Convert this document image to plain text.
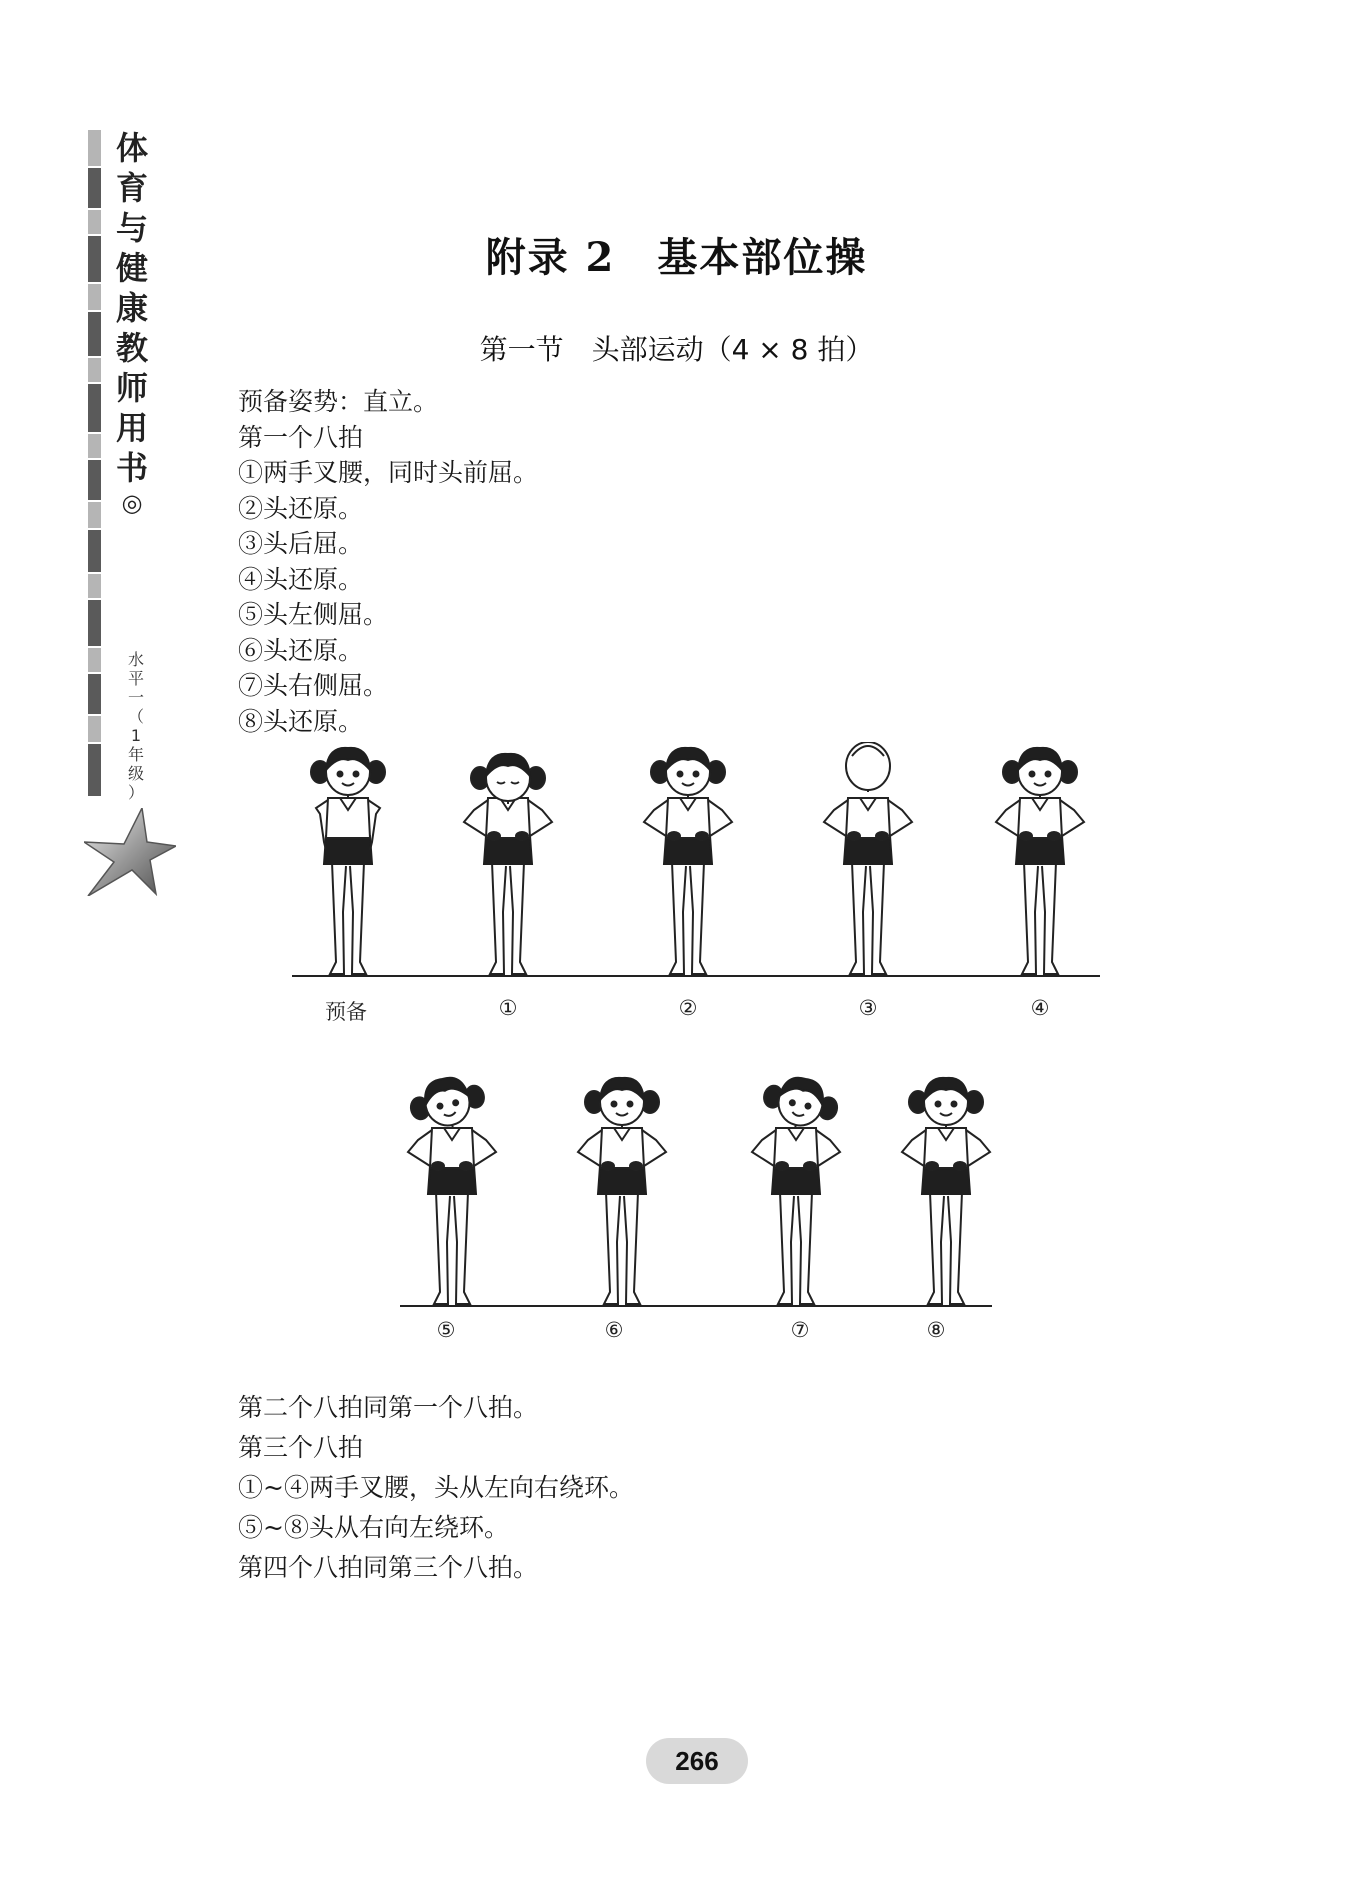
体
育
与
健
康
教
师
用
书
◎
水
平
一
（
1
年
级
）
附录 2　基本部位操
第一节　头部运动（4 × 8 拍）

预备姿势：直立。

第一个八拍

①两手叉腰，同时头前屈。

②头还原。

③头后屈。

④头还原。

⑤头左侧屈。

⑥头还原。

⑦头右侧屈。

⑧头还原。

预备	①	②	③	④
⑤	⑥	⑦	⑧

第二个八拍同第一个八拍。

第三个八拍

①~④两手叉腰，头从左向右绕环。

⑤~⑧头从右向左绕环。

第四个八拍同第三个八拍。

266
